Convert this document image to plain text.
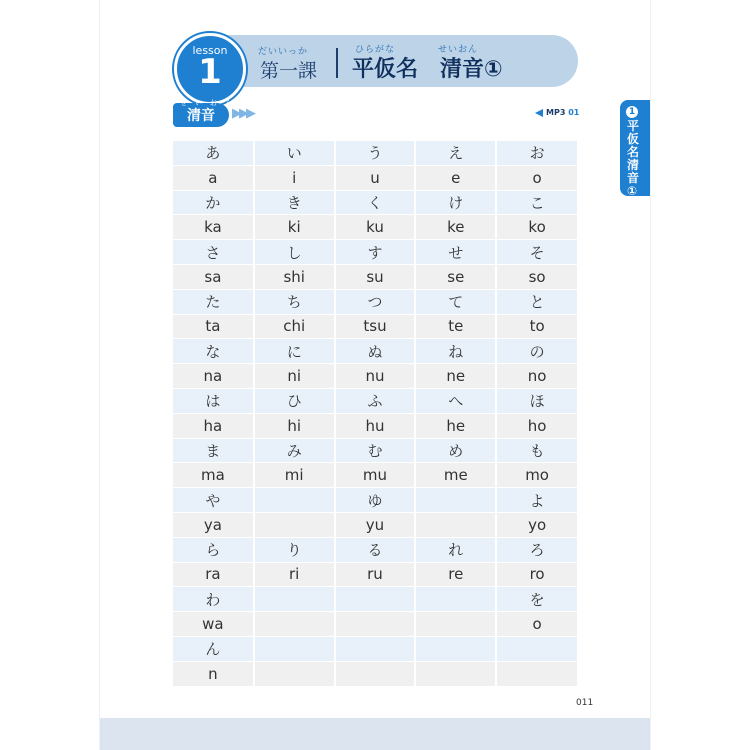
lesson
1	だいいっか
第一課
ひらがな	せいおん
平仮名　清音①
せいおん
清音	▶▶▶	MP3 01	1
平仮名 清音①
あ	い	う	え	お
a	i	u	e	o
か	き	く	け	こ
ka	ki	ku	ke	ko
さ	し	す	せ	そ
sa	shi	su	se	so
た	ち	つ	て	と
ta	chi	tsu	te	to
な	に	ぬ	ね	の
na	ni	nu	ne	no
は	ひ	ふ	へ	ほ
ha	hi	hu	he	ho
ま	み	む	め	も
ma	mi	mu	me	mo
や		ゆ		よ
ya		yu		yo
ら	り	る	れ	ろ
ra	ri	ru	re	ro
わ				を
wa				o
ん				
n				
011
